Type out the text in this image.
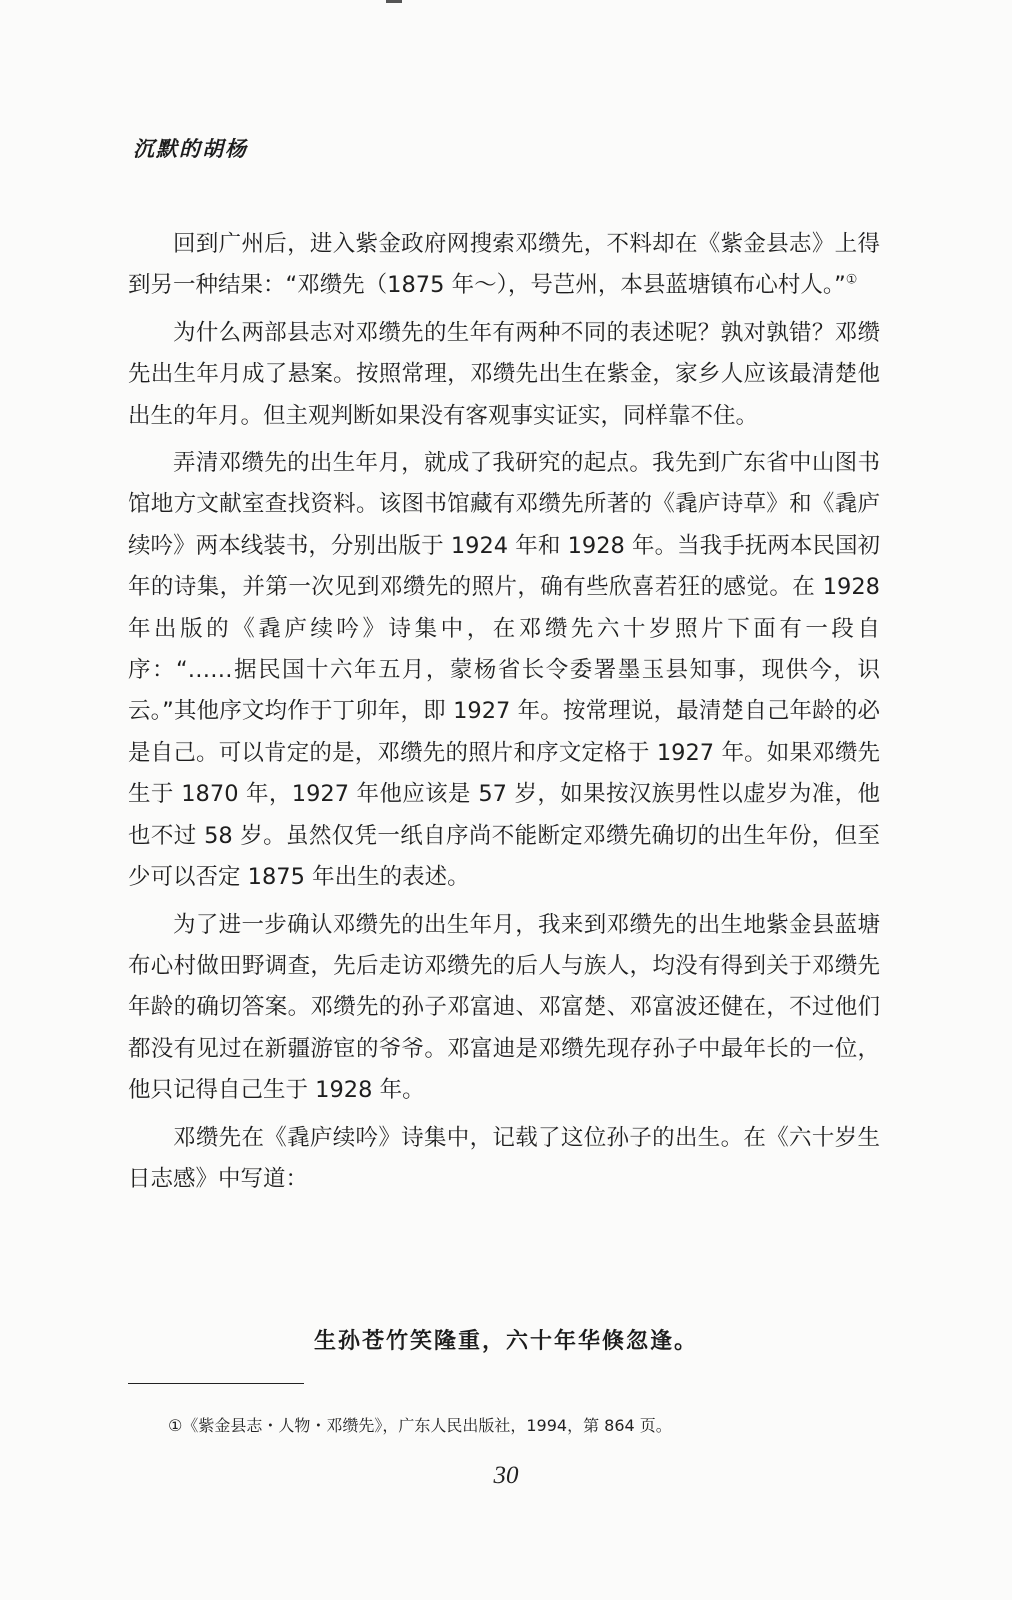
沉默的胡杨

回到广州后，进入紫金政府网搜索邓缵先，不料却在《紫金县志》上得到另一种结果：“邓缵先（1875 年～），号芑州，本县蓝塘镇布心村人。”①

为什么两部县志对邓缵先的生年有两种不同的表述呢？孰对孰错？邓缵先出生年月成了悬案。按照常理，邓缵先出生在紫金，家乡人应该最清楚他出生的年月。但主观判断如果没有客观事实证实，同样靠不住。

弄清邓缵先的出生年月，就成了我研究的起点。我先到广东省中山图书馆地方文献室查找资料。该图书馆藏有邓缵先所著的《毳庐诗草》和《毳庐续吟》两本线装书，分别出版于 1924 年和 1928 年。当我手抚两本民国初年的诗集，并第一次见到邓缵先的照片，确有些欣喜若狂的感觉。在 1928 年出版的《毳庐续吟》诗集中，在邓缵先六十岁照片下面有一段自序：“……据民国十六年五月，蒙杨省长令委署墨玉县知事，现供今，识云。”其他序文均作于丁卯年，即 1927 年。按常理说，最清楚自己年龄的必是自己。可以肯定的是，邓缵先的照片和序文定格于 1927 年。如果邓缵先生于 1870 年，1927 年他应该是 57 岁，如果按汉族男性以虚岁为准，他也不过 58 岁。虽然仅凭一纸自序尚不能断定邓缵先确切的出生年份，但至少可以否定 1875 年出生的表述。

为了进一步确认邓缵先的出生年月，我来到邓缵先的出生地紫金县蓝塘布心村做田野调查，先后走访邓缵先的后人与族人，均没有得到关于邓缵先年龄的确切答案。邓缵先的孙子邓富迪、邓富楚、邓富波还健在，不过他们都没有见过在新疆游宦的爷爷。邓富迪是邓缵先现存孙子中最年长的一位，他只记得自己生于 1928 年。

邓缵先在《毳庐续吟》诗集中，记载了这位孙子的出生。在《六十岁生日志感》中写道：

生孙苍竹笑隆重，六十年华倏忽逢。
①《紫金县志・人物・邓缵先》，广东人民出版社，1994，第 864 页。
30
